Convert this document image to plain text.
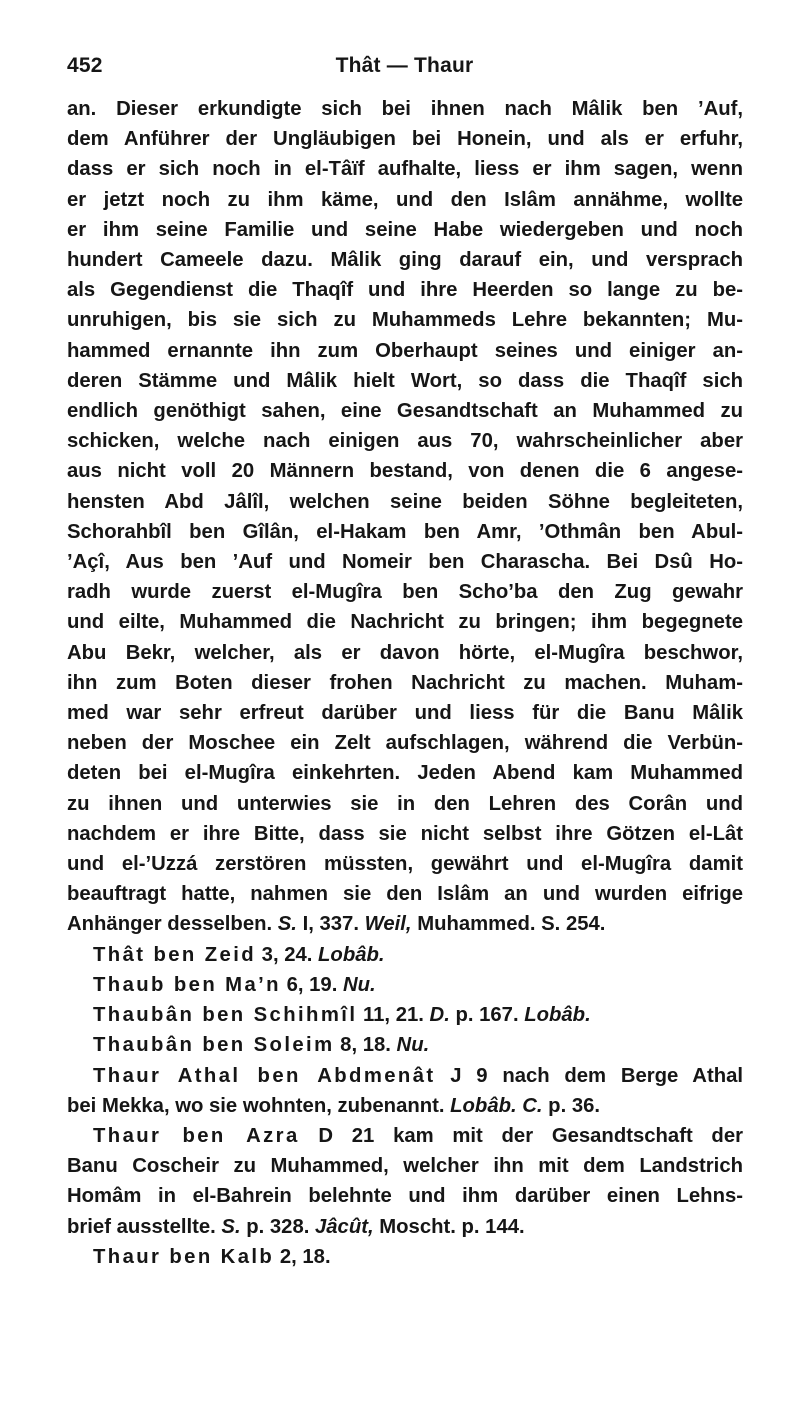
452	Thât — Thaur
an. Dieser erkundigte sich bei ihnen nach Mâlik ben ’Auf,
dem Anführer der Ungläubigen bei Honein, und als er erfuhr,
dass er sich noch in el-Tâïf aufhalte, liess er ihm sagen, wenn
er jetzt noch zu ihm käme, und den Islâm annähme, wollte
er ihm seine Familie und seine Habe wiedergeben und noch
hundert Cameele dazu. Mâlik ging darauf ein, und versprach
als Gegendienst die Thaqîf und ihre Heerden so lange zu be-
unruhigen, bis sie sich zu Muhammeds Lehre bekannten; Mu-
hammed ernannte ihn zum Oberhaupt seines und einiger an-
deren Stämme und Mâlik hielt Wort, so dass die Thaqîf sich
endlich genöthigt sahen, eine Gesandtschaft an Muhammed zu
schicken, welche nach einigen aus 70, wahrscheinlicher aber
aus nicht voll 20 Männern bestand, von denen die 6 angese-
hensten Abd Jâlîl, welchen seine beiden Söhne begleiteten,
Schorahbîl ben Gîlân, el-Hakam ben Amr, ’Othmân ben Abul-
’Açî, Aus ben ’Auf und Nomeir ben Charascha. Bei Dsû Ho-
radh wurde zuerst el-Mugîra ben Scho’ba den Zug gewahr
und eilte, Muhammed die Nachricht zu bringen; ihm begegnete
Abu Bekr, welcher, als er davon hörte, el-Mugîra beschwor,
ihn zum Boten dieser frohen Nachricht zu machen. Muham-
med war sehr erfreut darüber und liess für die Banu Mâlik
neben der Moschee ein Zelt aufschlagen, während die Verbün-
deten bei el-Mugîra einkehrten. Jeden Abend kam Muhammed
zu ihnen und unterwies sie in den Lehren des Corân und
nachdem er ihre Bitte, dass sie nicht selbst ihre Götzen el-Lât
und el-’Uzzá zerstören müssten, gewährt und el-Mugîra damit
beauftragt hatte, nahmen sie den Islâm an und wurden eifrige
Anhänger desselben. S. I, 337. Weil, Muhammed. S. 254.
Thât ben Zeid 3, 24. Lobâb.
Thaub ben Ma’n 6, 19. Nu.
Thaubân ben Schihmîl 11, 21. D. p. 167. Lobâb.
Thaubân ben Soleim 8, 18. Nu.
Thaur Athal ben Abdmenât J 9 nach dem Berge Athal
bei Mekka, wo sie wohnten, zubenannt. Lobâb. C. p. 36.
Thaur ben Azra D 21 kam mit der Gesandtschaft der
Banu Coscheir zu Muhammed, welcher ihn mit dem Landstrich
Homâm in el-Bahrein belehnte und ihm darüber einen Lehns-
brief ausstellte. S. p. 328. Jâcût, Moscht. p. 144.
Thaur ben Kalb 2, 18.
